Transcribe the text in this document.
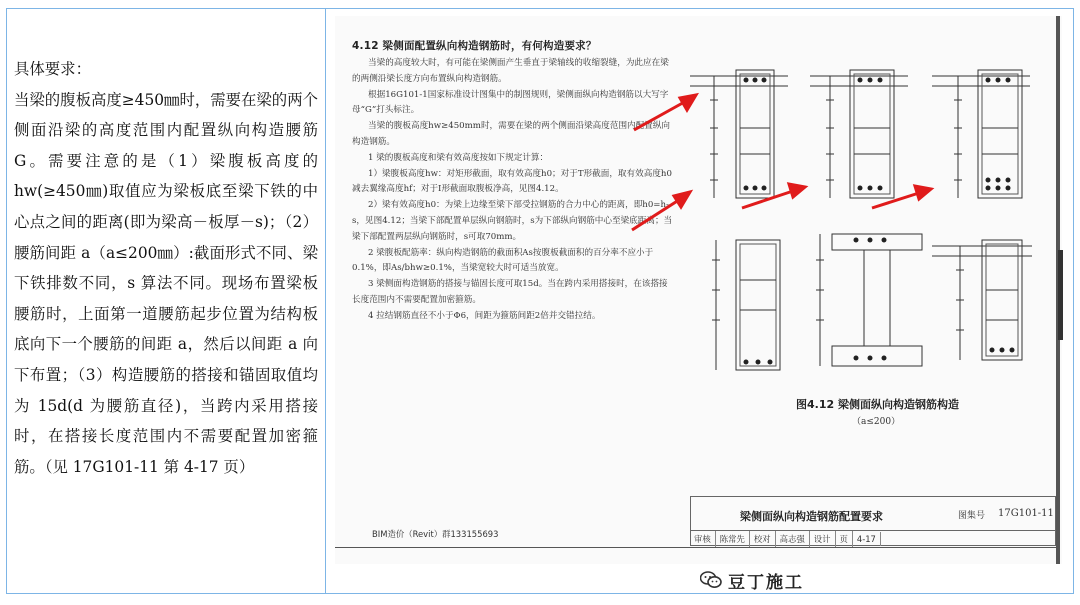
具体要求：

当梁的腹板高度≥450㎜时，需要在梁的两个侧面沿梁的高度范围内配置纵向构造腰筋G。需要注意的是（1）梁腹板高度的 hw(≥450㎜)取值应为梁板底至梁下铁的中心点之间的距离(即为梁高－板厚－s)；（2）腰筋间距 a（a≤200㎜）:截面形式不同、梁下铁排数不同，s 算法不同。现场布置梁板腰筋时，上面第一道腰筋起步位置为结构板底向下一个腰筋的间距 a，然后以间距 a 向下布置；（3）构造腰筋的搭接和锚固取值均为 15d(d 为腰筋直径)，当跨内采用搭接时，在搭接长度范围内不需要配置加密箍筋。（见 17G101-11 第 4-17 页）

4.12 梁侧面配置纵向构造钢筋时，有何构造要求？

当梁的高度较大时，有可能在梁侧面产生垂直于梁轴线的收缩裂缝，为此应在梁的两侧沿梁长度方向布置纵向构造钢筋。

根据16G101-1国家标准设计图集中的制图规则，梁侧面纵向构造钢筋以大写字母“G”打头标注。

当梁的腹板高度hw≥450mm时，需要在梁的两个侧面沿梁高度范围内配置纵向构造钢筋。

1 梁的腹板高度和梁有效高度按如下规定计算：

1）梁腹板高度hw：对矩形截面，取有效高度h0；对于T形截面，取有效高度h0减去翼缘高度hf；对于I形截面取腹板净高，见图4.12。

2）梁有效高度h0：为梁上边缘至梁下部受拉钢筋的合力中心的距离，即h0=h-s，见图4.12；当梁下部配置单层纵向钢筋时，s为下部纵向钢筋中心至梁底距离；当梁下部配置两层纵向钢筋时，s可取70mm。

2 梁腹板配筋率：纵向构造钢筋的截面积As按腹板截面积的百分率不应小于0.1%，即As/bhw≥0.1%，当梁宽较大时可适当放宽。

3 梁侧面构造钢筋的搭接与锚固长度可取15d。当在跨内采用搭接时，在该搭接长度范围内不需要配置加密箍筋。

4 拉结钢筋直径不小于Φ6，间距为箍筋间距2倍并交错拉结。

图4.12 梁侧面纵向构造钢筋构造
（a≤200）
BIM造价（Revit）群133155693
梁侧面纵向构造钢筋配置要求	图集号 17G101-11
审核 陈常先 校对 高志强 设计 页 4-17
豆丁施工
